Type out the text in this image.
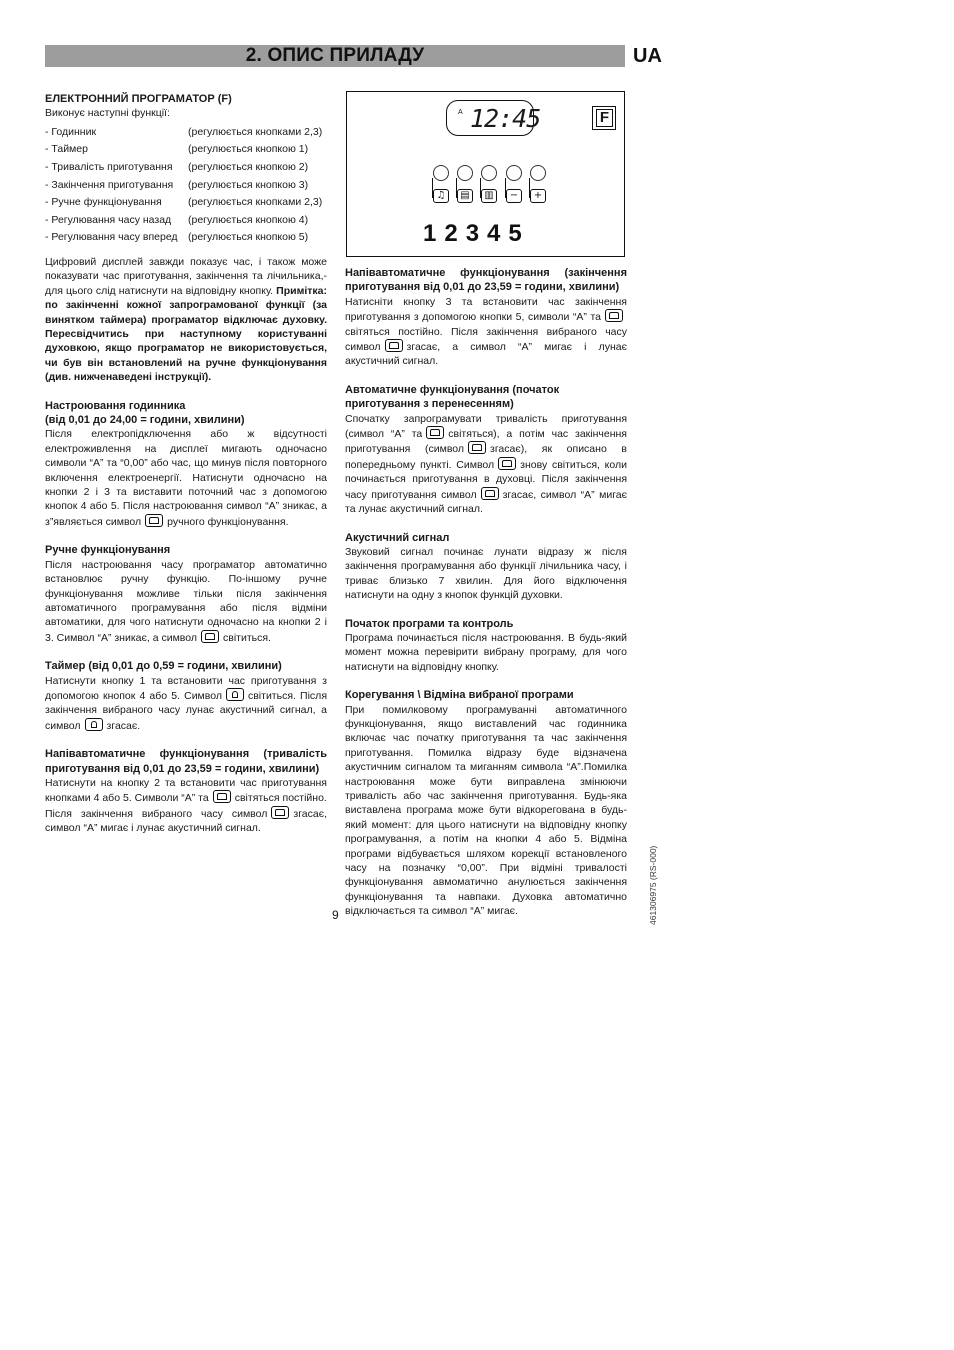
2. ОПИС ПРИЛАДУ	UA
ЕЛЕКТРОННИЙ ПРОГРАМАТОР (F)

Виконує наступні функції:

- Годинник	(регулюється кнопками 2,3)
- Таймер	(регулюється кнопкою 1)
- Тривалість приготування	(регулюється кнопкою 2)
- Закінчення приготування	(регулюється кнопкою 3)
- Ручне функціонування	(регулюється кнопками 2,3)
- Регулювання часу назад	(регулюється кнопкою 4)
- Регулювання часу вперед	(регулюється кнопкою 5)

Цифровий дисплей завжди показує час, і також може показувати час приготування, закінчення та лічильника,- для цього слід натиснути на відповідну кнопку. Примітка: по закінченні кожної запрограмованої функції (за винятком таймера) програматор відключає духовку. Пересвідчитись при наступному користуванні духовкою, якщо програматор не використовується, чи був він встановлений на ручне функціонування (див. нижченаведені інструкції).

Настроювання годинника
(від 0,01 до 24,00 = години, хвилини)

Після електропідключення або ж відсутності електроживлення на дисплеї мигають одночасно символи “А” та “0,00” або час, що минув після повторного включення електроенергії. Натиснути одночасно на кнопки 2 і 3 та виставити поточний час з допомогою кнопок 4 або 5. Після настроювання символ “А” зникає, а з”являється символ ручного функціонування.

Ручне функціонування

Після настроювання часу програматор автоматично встановлює ручну функцію. По-іншому ручне функціонування можливе тільки після закінчення автоматичного програмування або після відміни автоматики, для чого натиснути одночасно на кнопки 2 і 3. Символ “А” зникає, а символ світиться.

Таймер (від 0,01 до 0,59 = години, хвилини)

Натиснути кнопку 1 та встановити час приготування з допомогою кнопок 4 або 5. Символ світиться. Після закінчення вибраного часу лунає акустичний сигнал, а символ згасає.

Напівавтоматичне функціонування (тривалість приготування від 0,01 до 23,59 = години, хвилини)

Натиснути на кнопку 2 та встановити час приготування кнопками 4 або 5. Символи “А” та світяться постійно.

Після закінчення вибраного часу символ згасає, символ “А” мигає і лунає акустичний сигнал.

A 12:45	F
♫	▤	▥	−	+
12345
Напівавтоматичне функціонування (закінчення приготування від 0,01 до 23,59 = години, хвилини)

Натисніти кнопку 3 та встановити час закінчення приготування з допомогою кнопки 5, символи “А” тасвітяться постійно. Після закінчення вибраного часу символ згасає, а символ “А” мигає і лунає акустичний сигнал.

Автоматичне функціонування (початок приготування з перенесенням)

Спочатку запрограмувати тривалість приготування (символ “А” та світяться), а потім час закінчення приготування (символ згасає), як описано в попередньому пункті. Символ знову світиться, коли починається приготування в духовці. Після закінчення часу приготування символ згасає, символ “А” мигає та лунає акустичний сигнал.

Акустичний сигнал

Звуковий сигнал починає лунати відразу ж після закінчення програмування або функції лічильника часу, і триває близько 7 хвилин. Для його відключення натиснути на одну з кнопок функцій духовки.

Початок програми та контроль

Програма починається після настроювання. В будь-який момент можна перевірити вибрану програму, для чого натиснути на відповідну кнопку.

Корегування \ Відміна вибраної програми

При помилковому програмуванні автоматичного функціонування, якщо виставлений час годинника включає час початку приготування та час закінчення приготування. Помилка відразу буде відзначена акустичним сигналом та миганням символа “А”.Помилка настроювання може бути виправлена змінюючи тривалість або час закінчення приготування. Будь-яка виставлена програма може бути відкорегована в будь-який момент: для цього натиснути на відповідну кнопку програмування, а потім на кнопки 4 або 5. Відміна програми відбувається шляхом корекції встановленого часу на позначку “0,00”. При відміні тривалості функціонування авмоматично анулюється закінчення функціонування та навпаки. Духовка автоматично відключається та символ “А” мигає.

9	461306975 (RS-000)
